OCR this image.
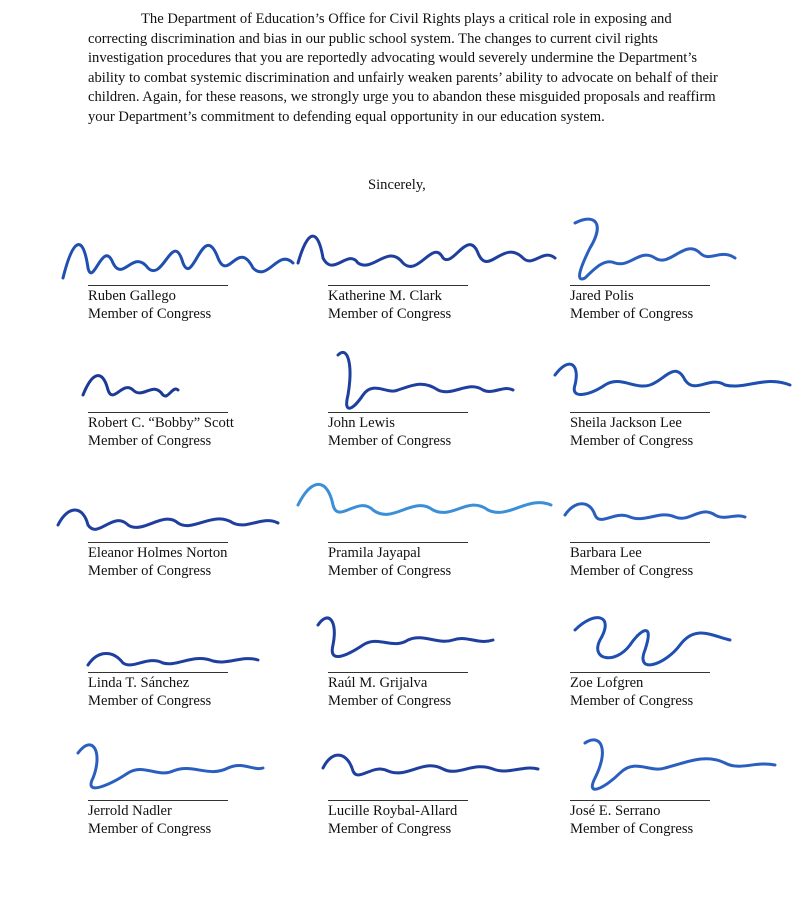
The Department of Education’s Office for Civil Rights plays a critical role in exposing and correcting discrimination and bias in our public school system. The changes to current civil rights investigation procedures that you are reportedly advocating would severely undermine the Department’s ability to combat systemic discrimination and unfairly weaken parents’ ability to advocate on behalf of their children. Again, for these reasons, we strongly urge you to abandon these misguided proposals and reaffirm your Department’s commitment to defending equal opportunity in our education system.

Sincerely,
Ruben Gallego
Member of Congress
Katherine M. Clark
Member of Congress
Jared Polis
Member of Congress
Robert C. “Bobby” Scott
Member of Congress
John Lewis
Member of Congress
Sheila Jackson Lee
Member of Congress
Eleanor Holmes Norton
Member of Congress
Pramila Jayapal
Member of Congress
Barbara Lee
Member of Congress
Linda T. Sánchez
Member of Congress
Raúl M. Grijalva
Member of Congress
Zoe Lofgren
Member of Congress
Jerrold Nadler
Member of Congress
Lucille Roybal-Allard
Member of Congress
José E. Serrano
Member of Congress
